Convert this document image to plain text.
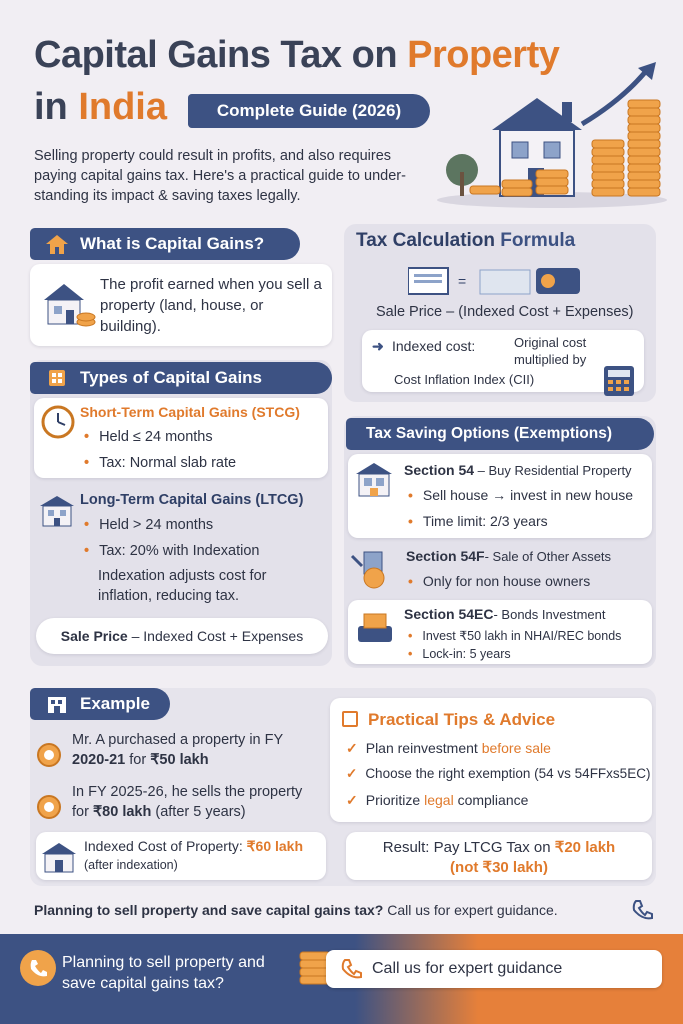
Capital Gains Tax on Property
in India	Complete Guide (2026)
Selling property could result in profits, and also requires paying capital gains tax. Here's a practical guide to under- standing its impact & saving taxes legally.
What is Capital Gains?
The profit earned when you sell a property (land, house, or building).
Types of Capital Gains
Short-Term Capital Gains (STCG)
• Held ≤ 24 months
• Tax: Normal slab rate
Long-Term Capital Gains (LTCG)
• Held > 24 months
• Tax: 20% with Indexation
Indexation adjusts cost for inflation, reducing tax.
Sale Price – Indexed Cost + Expenses
Tax Calculation Formula
=
Sale Price – (Indexed Cost + Expenses)
➜ Indexed cost:	Original cost multiplied by
Cost Inflation Index (CII)
Tax Saving Options (Exemptions)
Section 54 – Buy Residential Property
• Sell house → invest in new house
• Time limit: 2/3 years
Section 54F- Sale of Other Assets
• Only for non house owners
Section 54EC- Bonds Investment
• Invest ₹50 lakh in NHAI/REC bonds
• Lock-in: 5 years
Example
Mr. A purchased a property in FY
2020-21 for ₹50 lakh
In FY 2025-26, he sells the property
for ₹80 lakh (after 5 years)
Indexed Cost of Property: ₹60 lakh
(after indexation)
Result: Pay LTCG Tax on ₹20 lakh
(not ₹30 lakh)
Practical Tips & Advice
✓ Plan reinvestment before sale
✓ Choose the right exemption (54 vs 54FFxs5EC)
✓ Prioritize legal compliance
Planning to sell property and save capital gains tax? Call us for expert guidance.
Planning to sell property and save capital gains tax?
Call us for expert guidance
